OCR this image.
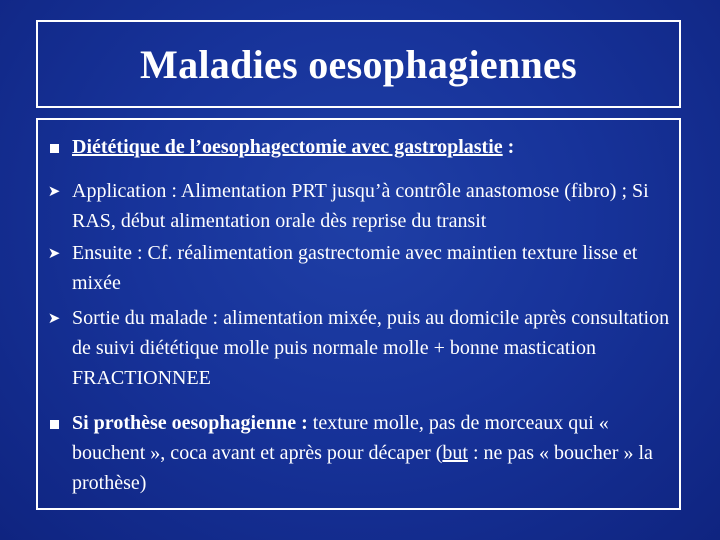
Maladies oesophagiennes
Diététique de l’oesophagectomie avec gastroplastie :
➤ Application : Alimentation PRT jusqu’à contrôle anastomose (fibro) ; Si RAS, début alimentation orale dès reprise du transit
➤ Ensuite : Cf. réalimentation gastrectomie avec maintien texture lisse et mixée
➤ Sortie du malade : alimentation mixée, puis au domicile après consultation de suivi diététique molle puis normale molle + bonne mastication FRACTIONNEE
Si prothèse oesophagienne : texture molle, pas de morceaux qui « bouchent », coca avant et après pour décaper (but : ne pas « boucher » la prothèse)
